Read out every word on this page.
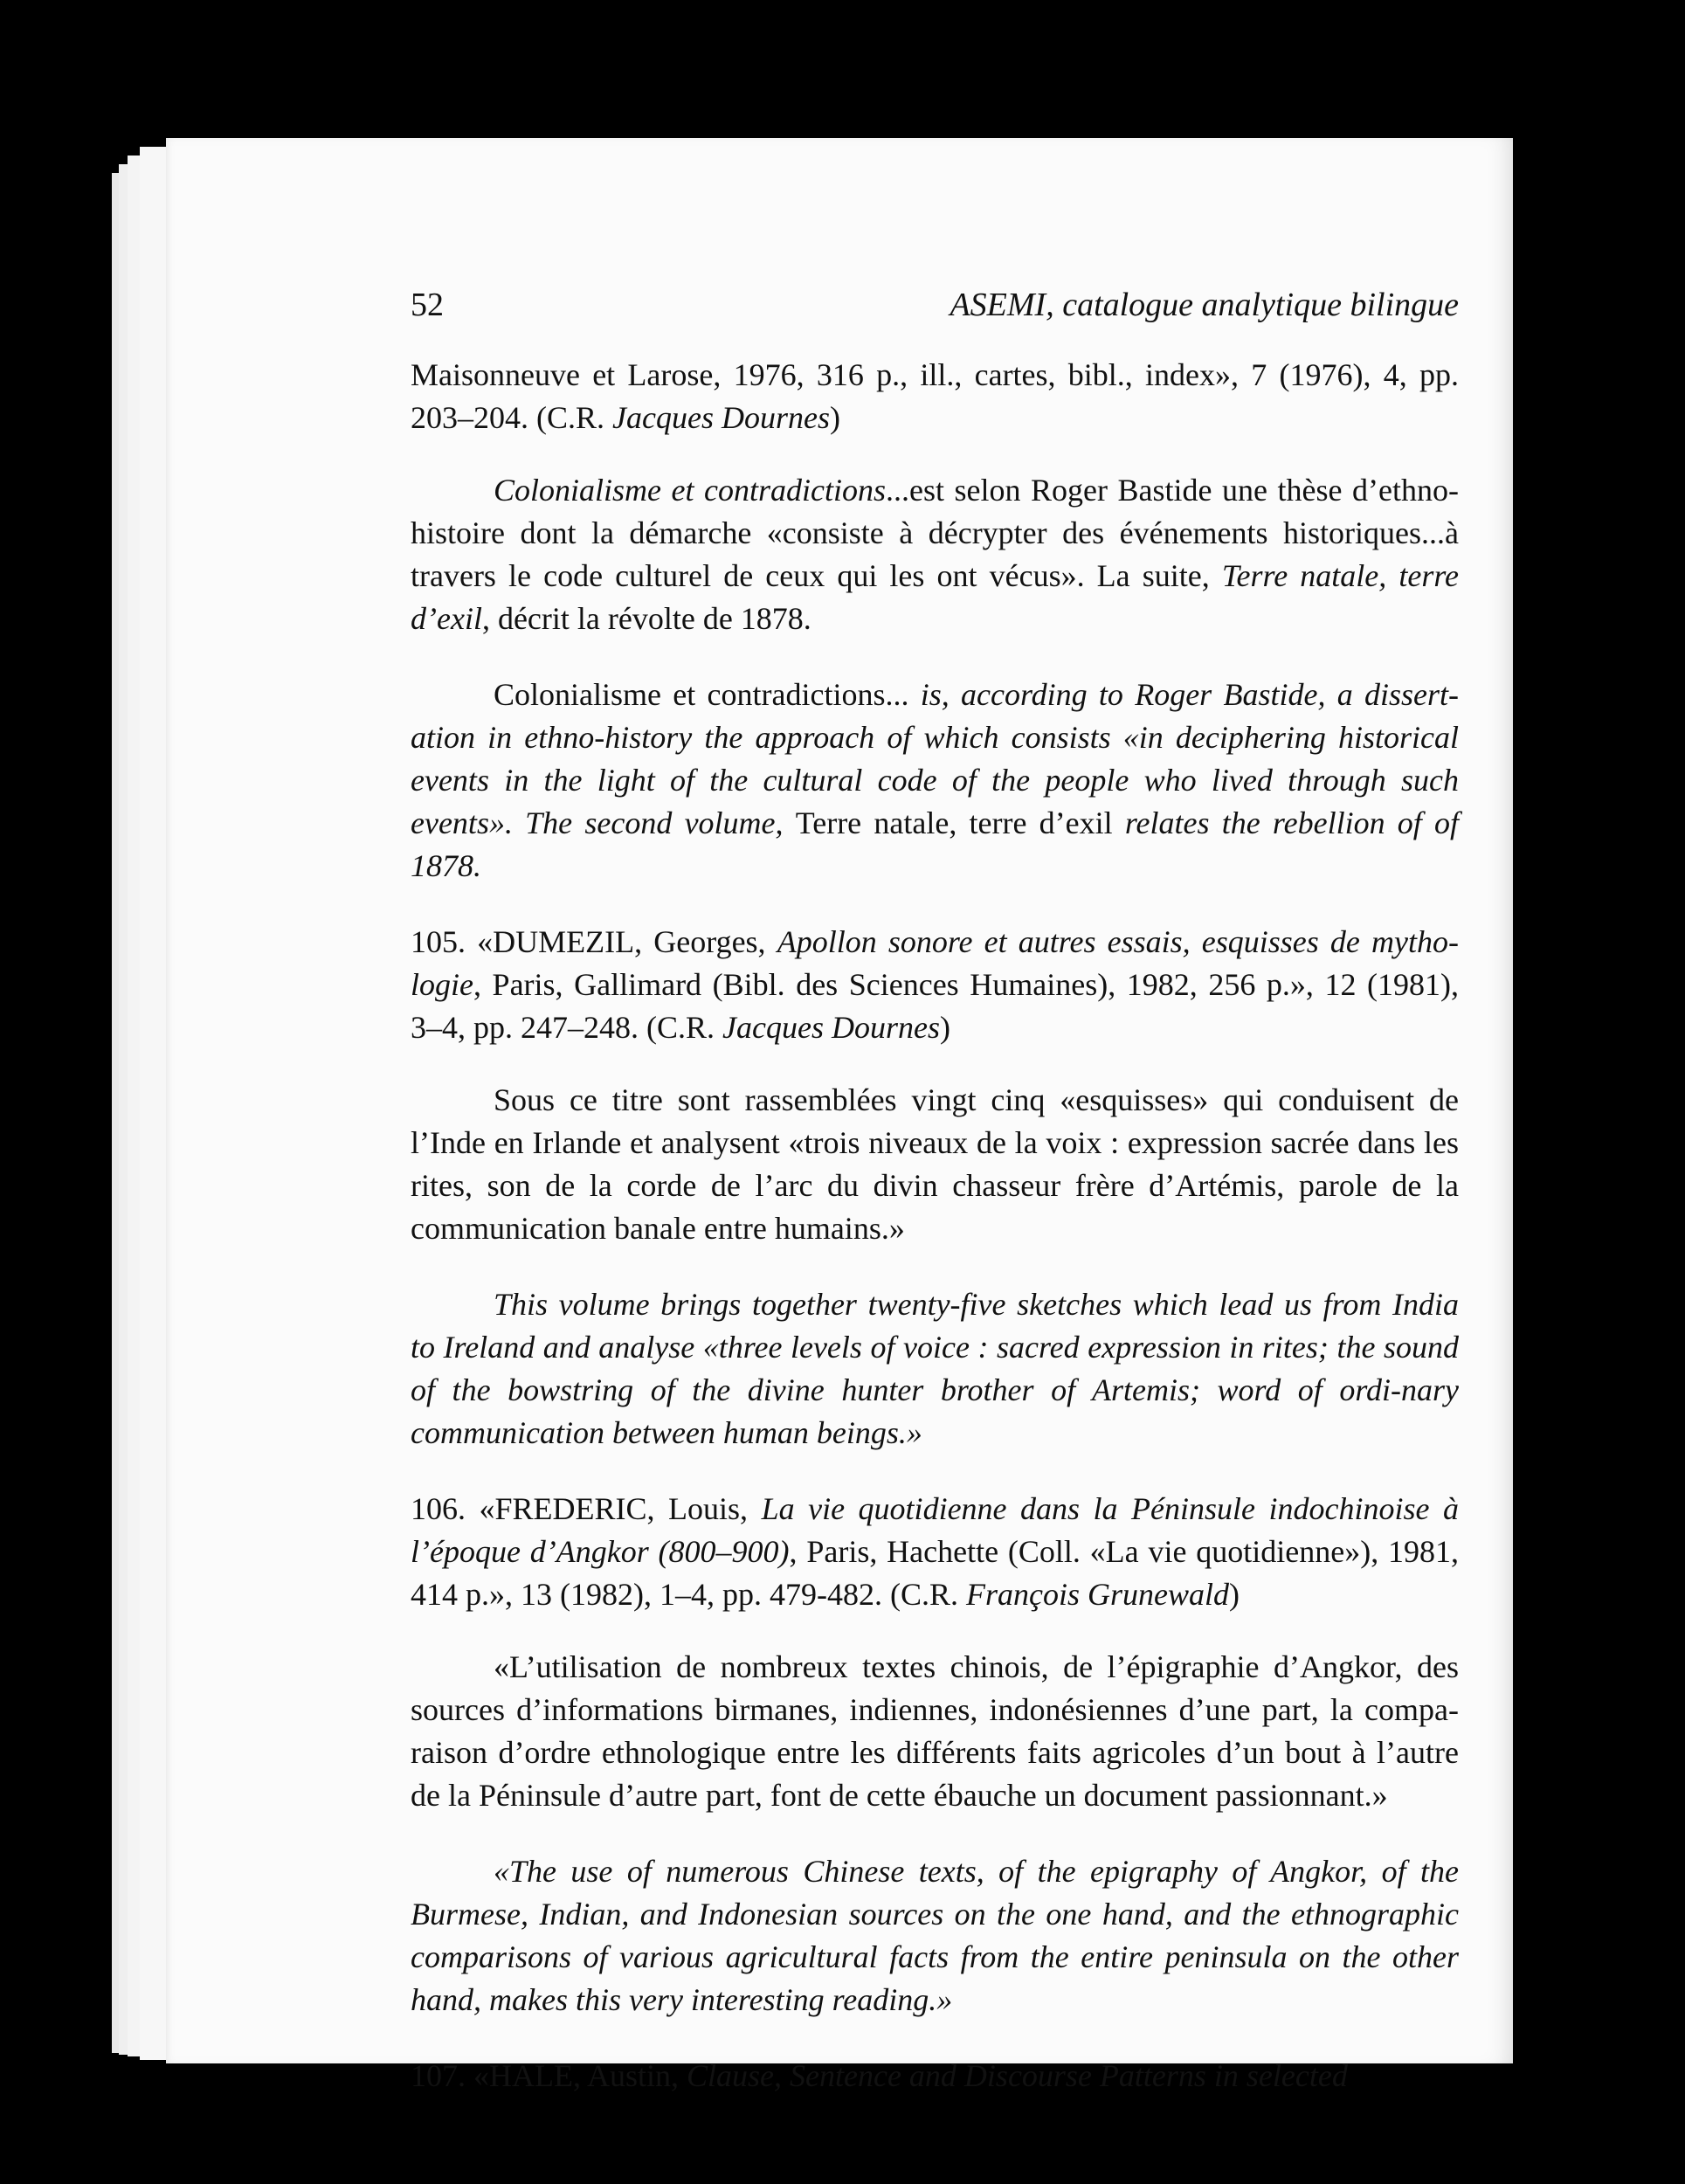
52	ASEMI, catalogue analytique bilingue

Maisonneuve et Larose, 1976, 316 p., ill., cartes, bibl., index», 7 (1976), 4, pp. 203–204. (C.R. Jacques Dournes)

Colonialisme et contradictions...est selon Roger Bastide une thèse d’ethno-histoire dont la démarche «consiste à décrypter des événements historiques...à travers le code culturel de ceux qui les ont vécus». La suite, Terre natale, terre d’exil, décrit la révolte de 1878.

Colonialisme et contradictions... is, according to Roger Bastide, a dissert-ation in ethno-history the approach of which consists «in deciphering historical events in the light of the cultural code of the people who lived through such events». The second volume, Terre natale, terre d’exil relates the rebellion of of 1878.

105. «DUMEZIL, Georges, Apollon sonore et autres essais, esquisses de mytho-logie, Paris, Gallimard (Bibl. des Sciences Humaines), 1982, 256 p.», 12 (1981), 3–4, pp. 247–248. (C.R. Jacques Dournes)

Sous ce titre sont rassemblées vingt cinq «esquisses» qui conduisent de l’Inde en Irlande et analysent «trois niveaux de la voix : expression sacrée dans les rites, son de la corde de l’arc du divin chasseur frère d’Artémis, parole de la communication banale entre humains.»

This volume brings together twenty-five sketches which lead us from India to Ireland and analyse «three levels of voice : sacred expression in rites; the sound of the bowstring of the divine hunter brother of Artemis; word of ordi-nary communication between human beings.»

106. «FREDERIC, Louis, La vie quotidienne dans la Péninsule indochinoise à l’époque d’Angkor (800–900), Paris, Hachette (Coll. «La vie quotidienne»), 1981, 414 p.», 13 (1982), 1–4, pp. 479-482. (C.R. François Grunewald)

«L’utilisation de nombreux textes chinois, de l’épigraphie d’Angkor, des sources d’informations birmanes, indiennes, indonésiennes d’une part, la compa-raison d’ordre ethnologique entre les différents faits agricoles d’un bout à l’autre de la Péninsule d’autre part, font de cette ébauche un document passionnant.»

«The use of numerous Chinese texts, of the epigraphy of Angkor, of the Burmese, Indian, and Indonesian sources on the one hand, and the ethnographic comparisons of various agricultural facts from the entire peninsula on the other hand, makes this very interesting reading.»

107. «HALE, Austin, Clause, Sentence and Discourse Patterns in selected
